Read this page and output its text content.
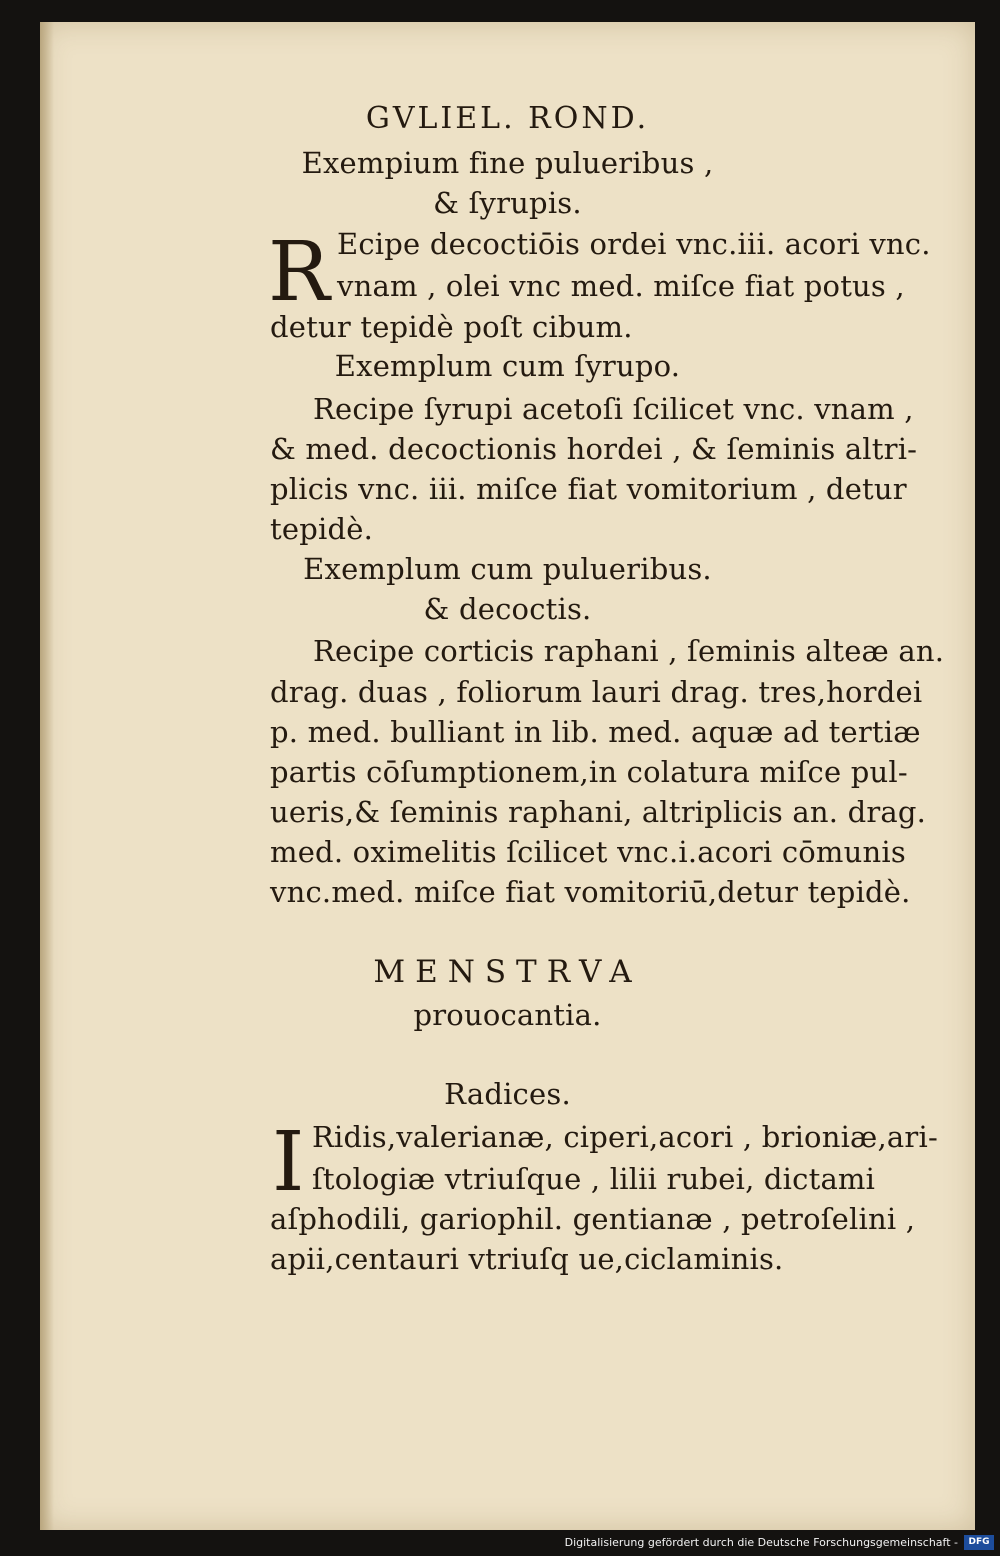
GVLIEL. ROND.
Exempium fine pulueribus ,
& ſyrupis.
R Ecipe decoctiōis ordei vnc.iii. acori vnc.
vnam , olei vnc med. miſce fiat potus ,
detur tepidè poſt cibum.
Exemplum cum ſyrupo.
Recipe ſyrupi acetoſi ſcilicet vnc. vnam ,
& med. decoctionis hordei , & ſeminis altri-
plicis vnc. iii. miſce fiat vomitorium , detur
tepidè.
Exemplum cum pulueribus.
& decoctis.
Recipe corticis raphani , ſeminis alteæ an.
drag. duas , foliorum lauri drag. tres,hordei
p. med. bulliant in lib. med. aquæ ad tertiæ
partis cōſumptionem,in colatura miſce pul-
ueris,& ſeminis raphani, altriplicis an. drag.
med. oximelitis ſcilicet vnc.i.acori cōmunis
vnc.med. miſce fiat vomitoriū,detur tepidè.
MENSTRVA
prouocantia.
Radices.
I Ridis,valerianæ, ciperi,acori , brioniæ,ari-
ſtologiæ vtriuſque , lilii rubei, dictami
aſphodili, gariophil. gentianæ , petroſelini ,
apii,centauri vtriuſq ue,ciclaminis.
Digitalisierung gefördert durch die Deutsche Forschungsgemeinschaft -	DFG
